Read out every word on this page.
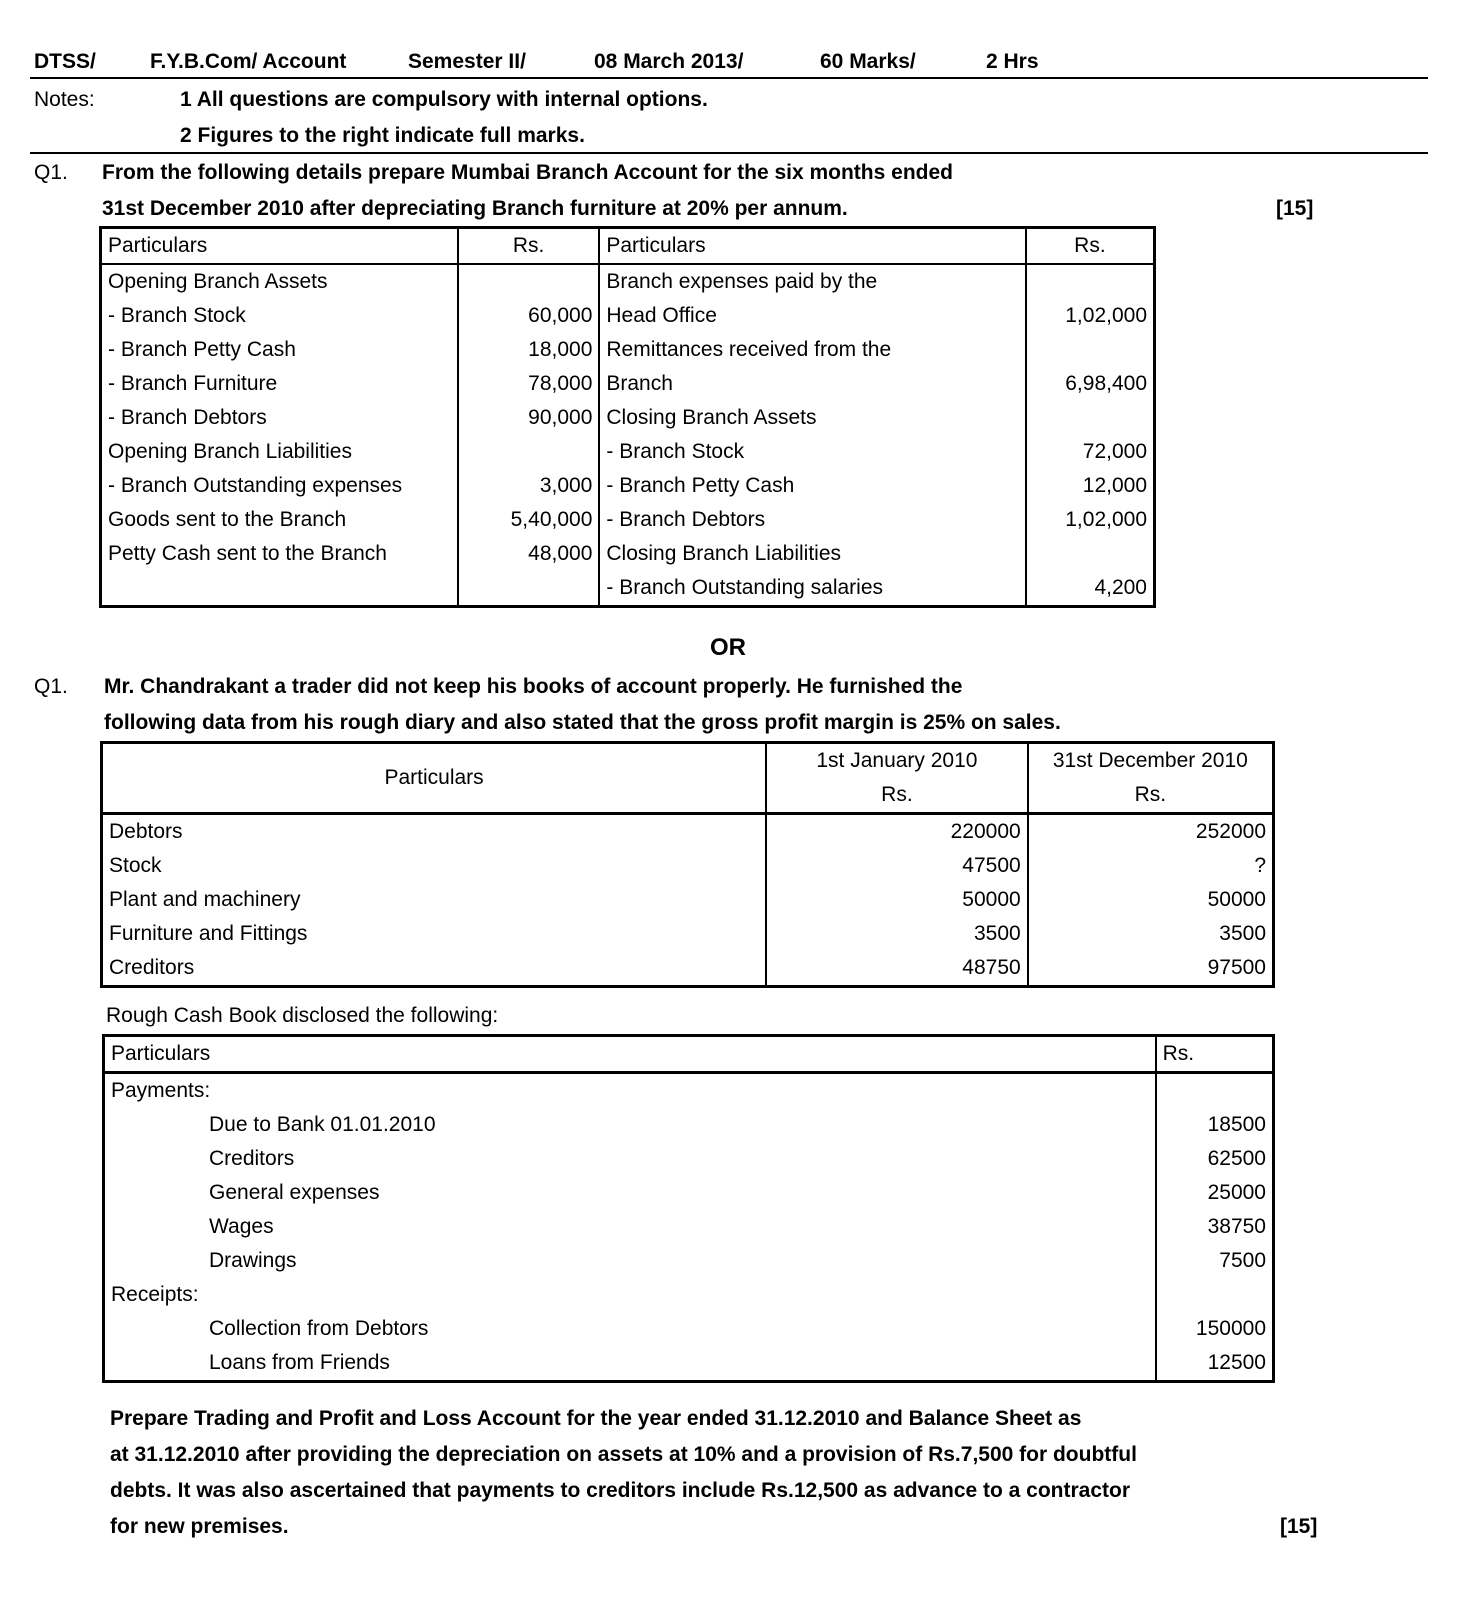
DTSS/	F.Y.B.Com/ Account	Semester II/	08 March 2013/	60 Marks/	2 Hrs
Notes:	1 All questions are compulsory with internal options.
2 Figures to the right indicate full marks.
Q1. From the following details prepare Mumbai Branch Account for the six months ended
31st December 2010 after depreciating Branch furniture at 20% per annum.	[15]
Particulars	Rs.	Particulars	Rs.
Opening Branch Assets		Branch expenses paid by the	
- Branch Stock	60,000	Head Office	1,02,000
- Branch Petty Cash	18,000	Remittances received from the	
- Branch Furniture	78,000	Branch	6,98,400
- Branch Debtors	90,000	Closing Branch Assets	
Opening Branch Liabilities		- Branch Stock	72,000
- Branch Outstanding expenses	3,000	- Branch Petty Cash	12,000
Goods sent to the Branch	5,40,000	- Branch Debtors	1,02,000
Petty Cash sent to the Branch	48,000	Closing Branch Liabilities	
		- Branch Outstanding salaries	4,200
OR
Q1. Mr. Chandrakant a trader did not keep his books of account properly. He furnished the
following data from his rough diary and also stated that the gross profit margin is 25% on sales.
Particulars	1st January 2010	31st December 2010
	Rs.	Rs.
Debtors	220000	252000
Stock	47500	?
Plant and machinery	50000	50000
Furniture and Fittings	3500	3500
Creditors	48750	97500
Rough Cash Book disclosed the following:
Particulars	Rs.
Payments:	
Due to Bank 01.01.2010	18500
Creditors	62500
General expenses	25000
Wages	38750
Drawings	7500
Receipts:	
Collection from Debtors	150000
Loans from Friends	12500
Prepare Trading and Profit and Loss Account for the year ended 31.12.2010 and Balance Sheet as
at 31.12.2010 after providing the depreciation on assets at 10% and a provision of Rs.7,500 for doubtful
debts. It was also ascertained that payments to creditors include Rs.12,500 as advance to a contractor
for new premises.	[15]
